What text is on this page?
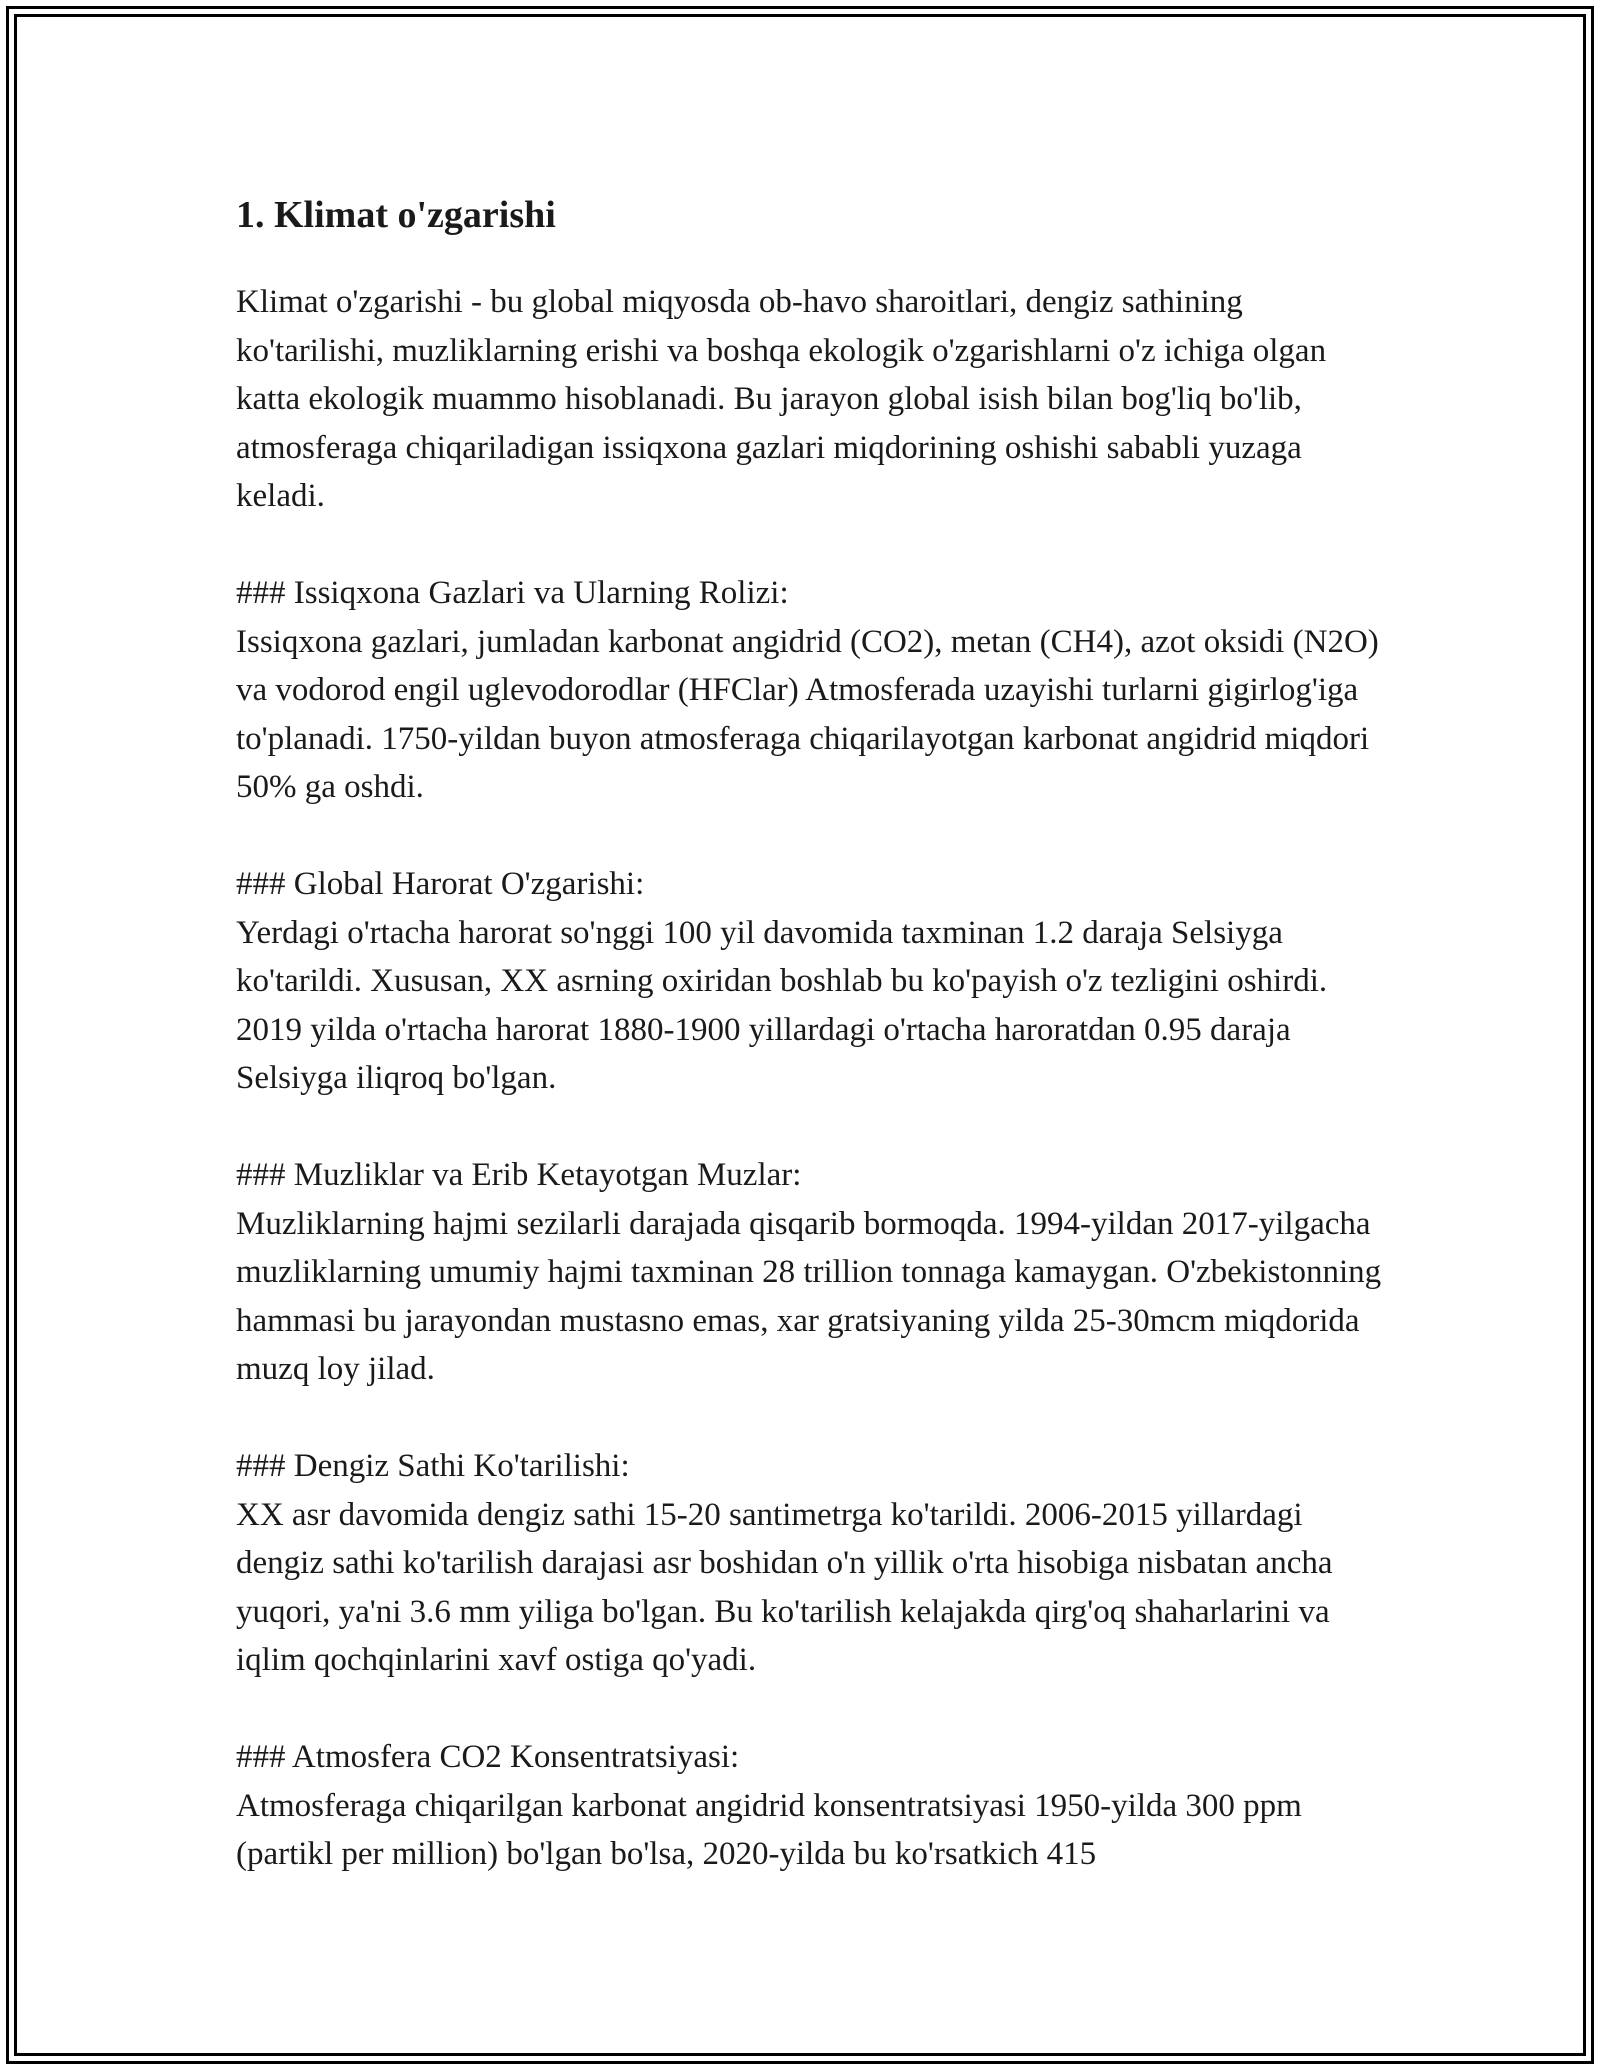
1. Klimat o'zgarishi

Klimat o'zgarishi - bu global miqyosda ob-havo sharoitlari, dengiz sathining ko'tarilishi, muzliklarning erishi va boshqa ekologik o'zgarishlarni o'z ichiga olgan katta ekologik muammo hisoblanadi. Bu jarayon global isish bilan bog'liq bo'lib, atmosferaga chiqariladigan issiqxona gazlari miqdorining oshishi sababli yuzaga keladi.

### Issiqxona Gazlari va Ularning Rolizi:

Issiqxona gazlari, jumladan karbonat angidrid (CO2), metan (CH4), azot oksidi (N2O) va vodorod engil uglevodorodlar (HFClar) Atmosferada uzayishi turlarni gigirlog'iga to'planadi. 1750-yildan buyon atmosferaga chiqarilayotgan karbonat angidrid miqdori 50% ga oshdi.

### Global Harorat O'zgarishi:

Yerdagi o'rtacha harorat so'nggi 100 yil davomida taxminan 1.2 daraja Selsiyga ko'tarildi. Xususan, XX asrning oxiridan boshlab bu ko'payish o'z tezligini oshirdi. 2019 yilda o'rtacha harorat 1880-1900 yillardagi o'rtacha haroratdan 0.95 daraja Selsiyga iliqroq bo'lgan.

### Muzliklar va Erib Ketayotgan Muzlar:

Muzliklarning hajmi sezilarli darajada qisqarib bormoqda. 1994-yildan 2017-yilgacha muzliklarning umumiy hajmi taxminan 28 trillion tonnaga kamaygan. O'zbekistonning hammasi bu jarayondan mustasno emas, xar gratsiyaning yilda 25-30mcm miqdorida muzq loy jilad.

### Dengiz Sathi Ko'tarilishi:

XX asr davomida dengiz sathi 15-20 santimetrga ko'tarildi. 2006-2015 yillardagi dengiz sathi ko'tarilish darajasi asr boshidan o'n yillik o'rta hisobiga nisbatan ancha yuqori, ya'ni 3.6 mm yiliga bo'lgan. Bu ko'tarilish kelajakda qirg'oq shaharlarini va iqlim qochqinlarini xavf ostiga qo'yadi.

### Atmosfera CO2 Konsentratsiyasi:

Atmosferaga chiqarilgan karbonat angidrid konsentratsiyasi 1950-yilda 300 ppm (partikl per million) bo'lgan bo'lsa, 2020-yilda bu ko'rsatkich 415
